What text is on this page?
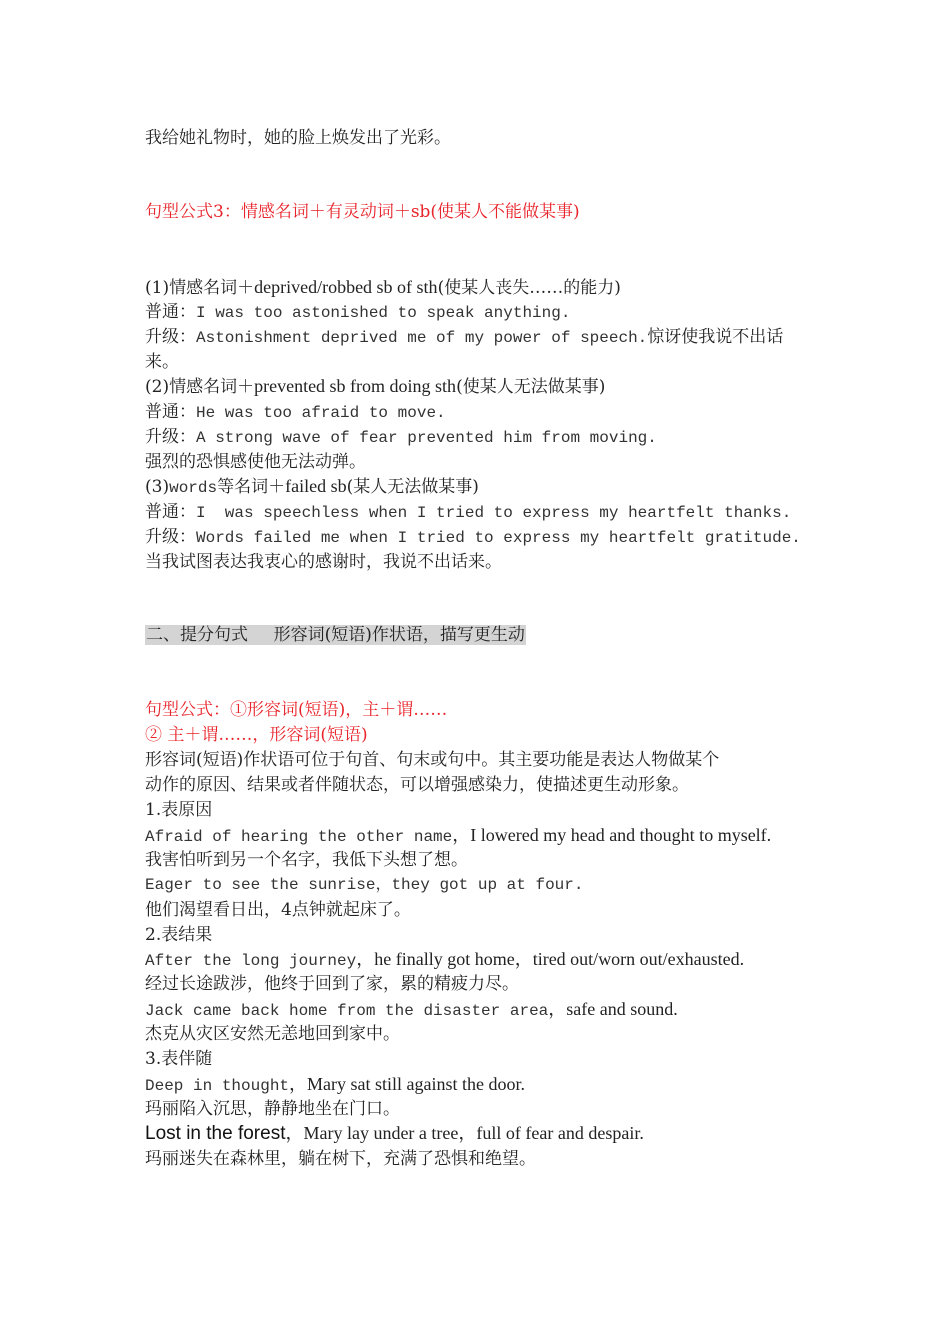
我给她礼物时，她的脸上焕发出了光彩。

句型公式3：情感名词＋有灵动词＋sb(使某人不能做某事)

(1)情感名词＋deprived/robbed sb of sth(使某人丧失……的能力)

普通：I was too astonished to speak anything.

升级：Astonishment deprived me of my power of speech.惊讶使我说不出话

来。

(2)情感名词＋prevented sb from doing sth(使某人无法做某事)

普通：He was too afraid to move.

升级：A strong wave of fear prevented him from moving.

强烈的恐惧感使他无法动弹。

(3)words等名词＋failed sb(某人无法做某事)

普通：I  was speechless when I tried to express my heartfelt thanks.

升级：Words failed me when I tried to express my heartfelt gratitude.

当我试图表达我衷心的感谢时，我说不出话来。

二、提分句式 形容词(短语)作状语，描写更生动

句型公式：①形容词(短语)，主＋谓……

② 主＋谓……，形容词(短语)

形容词(短语)作状语可位于句首、句末或句中。其主要功能是表达人物做某个

动作的原因、结果或者伴随状态，可以增强感染力，使描述更生动形象。

1.表原因

Afraid of hearing the other name，I lowered my head and thought to myself.

我害怕听到另一个名字，我低下头想了想。

Eager to see the sunrise，they got up at four.

他们渴望看日出，4点钟就起床了。

2.表结果

After the long journey，he finally got home，tired out/worn out/exhausted.

经过长途跋涉，他终于回到了家，累的精疲力尽。

Jack came back home from the disaster area，safe and sound.

杰克从灾区安然无恙地回到家中。

3.表伴随

Deep in thought，Mary sat still against the door.

玛丽陷入沉思，静静地坐在门口。

Lost in the forest，Mary lay under a tree，full of fear and despair.

玛丽迷失在森林里，躺在树下，充满了恐惧和绝望。
